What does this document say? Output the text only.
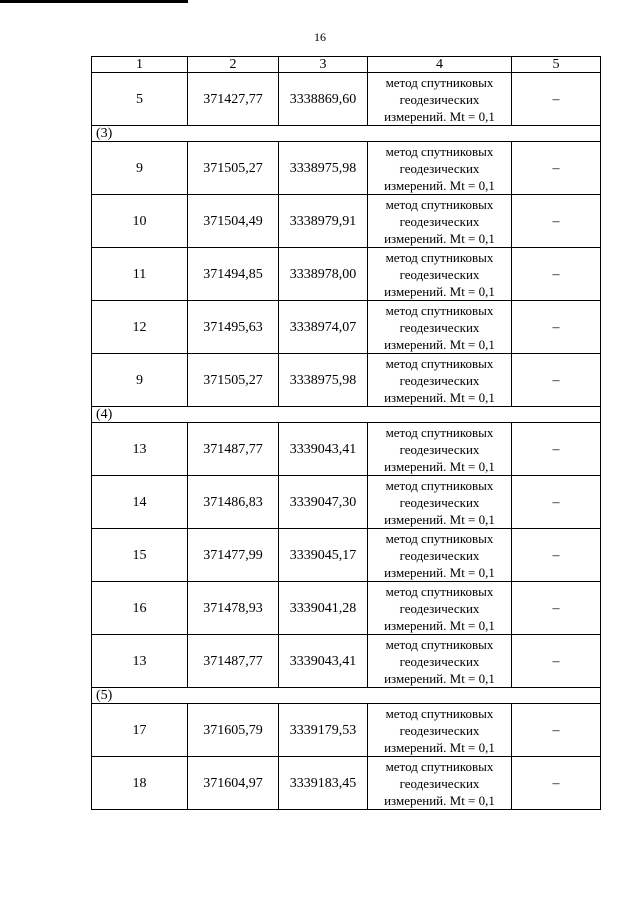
16
1	2	3	4	5
5	371427,77	3338869,60	метод спутниковых
геодезических
измерений. Mt = 0,1	–
(3)				
9	371505,27	3338975,98	метод спутниковых
геодезических
измерений. Mt = 0,1	–
10	371504,49	3338979,91	метод спутниковых
геодезических
измерений. Mt = 0,1	–
11	371494,85	3338978,00	метод спутниковых
геодезических
измерений. Mt = 0,1	–
12	371495,63	3338974,07	метод спутниковых
геодезических
измерений. Mt = 0,1	–
9	371505,27	3338975,98	метод спутниковых
геодезических
измерений. Mt = 0,1	–
(4)				
13	371487,77	3339043,41	метод спутниковых
геодезических
измерений. Mt = 0,1	–
14	371486,83	3339047,30	метод спутниковых
геодезических
измерений. Mt = 0,1	–
15	371477,99	3339045,17	метод спутниковых
геодезических
измерений. Mt = 0,1	–
16	371478,93	3339041,28	метод спутниковых
геодезических
измерений. Mt = 0,1	–
13	371487,77	3339043,41	метод спутниковых
геодезических
измерений. Mt = 0,1	–
(5)				
17	371605,79	3339179,53	метод спутниковых
геодезических
измерений. Mt = 0,1	–
18	371604,97	3339183,45	метод спутниковых
геодезических
измерений. Mt = 0,1	–
